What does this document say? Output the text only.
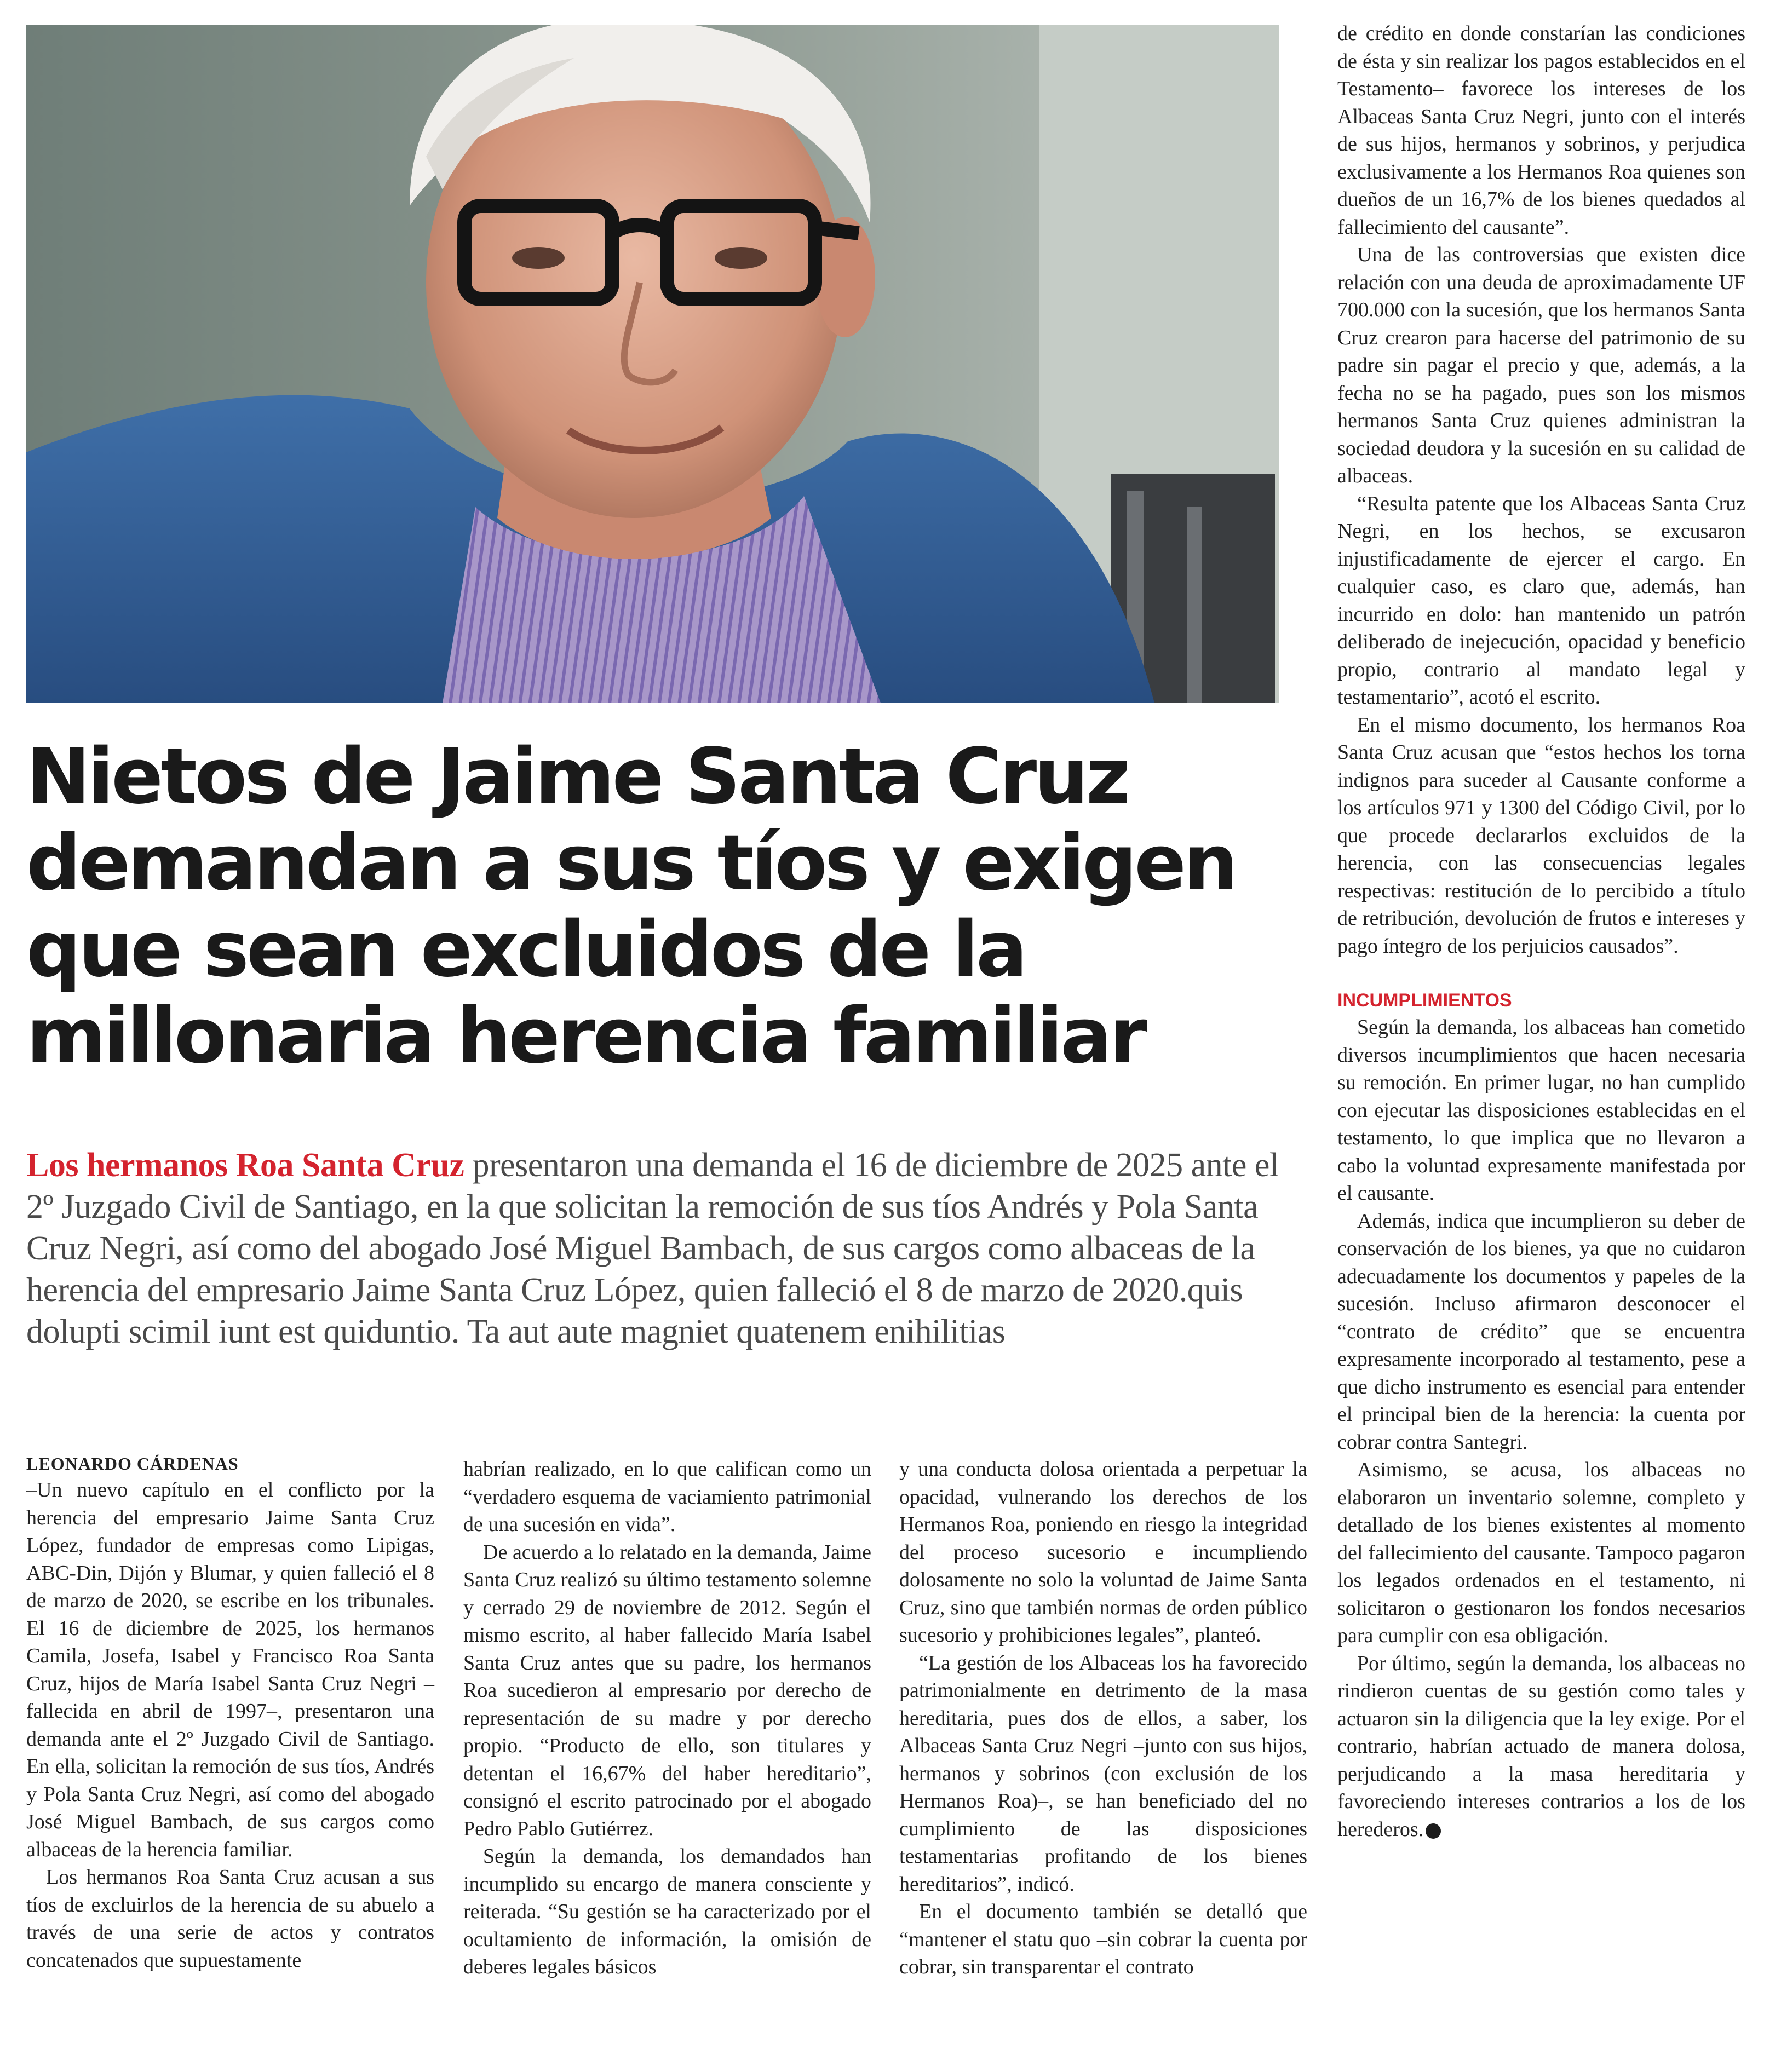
Nietos de Jaime Santa Cruz demandan a sus tíos y exigen que sean excluidos de la millonaria herencia familiar

Los hermanos Roa Santa Cruz presentaron una demanda el 16 de diciembre de 2025 ante el 2º Juzgado Civil de Santiago, en la que solicitan la remoción de sus tíos Andrés y Pola Santa Cruz Negri, así como del abogado José Miguel Bambach, de sus cargos como albaceas de la herencia del empresario Jaime Santa Cruz López, quien falleció el 8 de marzo de 2020.quis dolupti scimil iunt est quiduntio. Ta aut aute magniet quatenem enihilitias

LEONARDO CÁRDENAS

–Un nuevo capítulo en el conflicto por la herencia del empresario Jaime Santa Cruz López, fundador de empresas como Lipigas, ABC-Din, Dijón y Blumar, y quien falleció el 8 de marzo de 2020, se escribe en los tribunales. El 16 de diciembre de 2025, los hermanos Camila, Josefa, Isabel y Francisco Roa Santa Cruz, hijos de María Isabel Santa Cruz Negri –fallecida en abril de 1997–, presentaron una demanda ante el 2º Juzgado Civil de Santiago. En ella, solicitan la remoción de sus tíos, Andrés y Pola Santa Cruz Negri, así como del abogado José Miguel Bambach, de sus cargos como albaceas de la herencia familiar.

Los hermanos Roa Santa Cruz acusan a sus tíos de excluirlos de la herencia de su abuelo a través de una serie de actos y contratos concatenados que supuestamente

habrían realizado, en lo que califican como un “verdadero esquema de vaciamiento patrimonial de una sucesión en vida”.

De acuerdo a lo relatado en la demanda, Jaime Santa Cruz realizó su último testamento solemne y cerrado 29 de noviembre de 2012. Según el mismo escrito, al haber fallecido María Isabel Santa Cruz antes que su padre, los hermanos Roa sucedieron al empresario por derecho de representación de su madre y por derecho propio. “Producto de ello, son titulares y detentan el 16,67% del haber hereditario”, consignó el escrito patrocinado por el abogado Pedro Pablo Gutiérrez.

Según la demanda, los demandados han incumplido su encargo de manera consciente y reiterada. “Su gestión se ha caracterizado por el ocultamiento de información, la omisión de deberes legales básicos

y una conducta dolosa orientada a perpetuar la opacidad, vulnerando los derechos de los Hermanos Roa, poniendo en riesgo la integridad del proceso sucesorio e incumpliendo dolosamente no solo la voluntad de Jaime Santa Cruz, sino que también normas de orden público sucesorio y prohibiciones legales”, planteó.

“La gestión de los Albaceas los ha favorecido patrimonialmente en detrimento de la masa hereditaria, pues dos de ellos, a saber, los Albaceas Santa Cruz Negri –junto con sus hijos, hermanos y sobrinos (con exclusión de los Hermanos Roa)–, se han beneficiado del no cumplimiento de las disposiciones testamentarias profitando de los bienes hereditarios”, indicó.

En el documento también se detalló que “mantener el statu quo –sin cobrar la cuenta por cobrar, sin transparentar el contrato

de crédito en donde constarían las condiciones de ésta y sin realizar los pagos establecidos en el Testamento– favorece los intereses de los Albaceas Santa Cruz Negri, junto con el interés de sus hijos, hermanos y sobrinos, y perjudica exclusivamente a los Hermanos Roa quienes son dueños de un 16,7% de los bienes quedados al fallecimiento del causante”.

Una de las controversias que existen dice relación con una deuda de aproximadamente UF 700.000 con la sucesión, que los hermanos Santa Cruz crearon para hacerse del patrimonio de su padre sin pagar el precio y que, además, a la fecha no se ha pagado, pues son los mismos hermanos Santa Cruz quienes administran la sociedad deudora y la sucesión en su calidad de albaceas.

“Resulta patente que los Albaceas Santa Cruz Negri, en los hechos, se excusaron injustificadamente de ejercer el cargo. En cualquier caso, es claro que, además, han incurrido en dolo: han mantenido un patrón deliberado de inejecución, opacidad y beneficio propio, contrario al mandato legal y testamentario”, acotó el escrito.

En el mismo documento, los hermanos Roa Santa Cruz acusan que “estos hechos los torna indignos para suceder al Causante conforme a los artículos 971 y 1300 del Código Civil, por lo que procede declararlos excluidos de la herencia, con las consecuencias legales respectivas: restitución de lo percibido a título de retribución, devolución de frutos e intereses y pago íntegro de los perjuicios causados”.

INCUMPLIMIENTOS

Según la demanda, los albaceas han cometido diversos incumplimientos que hacen necesaria su remoción. En primer lugar, no han cumplido con ejecutar las disposiciones establecidas en el testamento, lo que implica que no llevaron a cabo la voluntad expresamente manifestada por el causante.

Además, indica que incumplieron su deber de conservación de los bienes, ya que no cuidaron adecuadamente los documentos y papeles de la sucesión. Incluso afirmaron desconocer el “contrato de crédito” que se encuentra expresamente incorporado al testamento, pese a que dicho instrumento es esencial para entender el principal bien de la herencia: la cuenta por cobrar contra Santegri.

Asimismo, se acusa, los albaceas no elaboraron un inventario solemne, completo y detallado de los bienes existentes al momento del fallecimiento del causante. Tampoco pagaron los legados ordenados en el testamento, ni solicitaron o gestionaron los fondos necesarios para cumplir con esa obligación.

Por último, según la demanda, los albaceas no rindieron cuentas de su gestión como tales y actuaron sin la diligencia que la ley exige. Por el contrario, habrían actuado de manera dolosa, perjudicando a la masa hereditaria y favoreciendo intereses contrarios a los de los herederos. P
